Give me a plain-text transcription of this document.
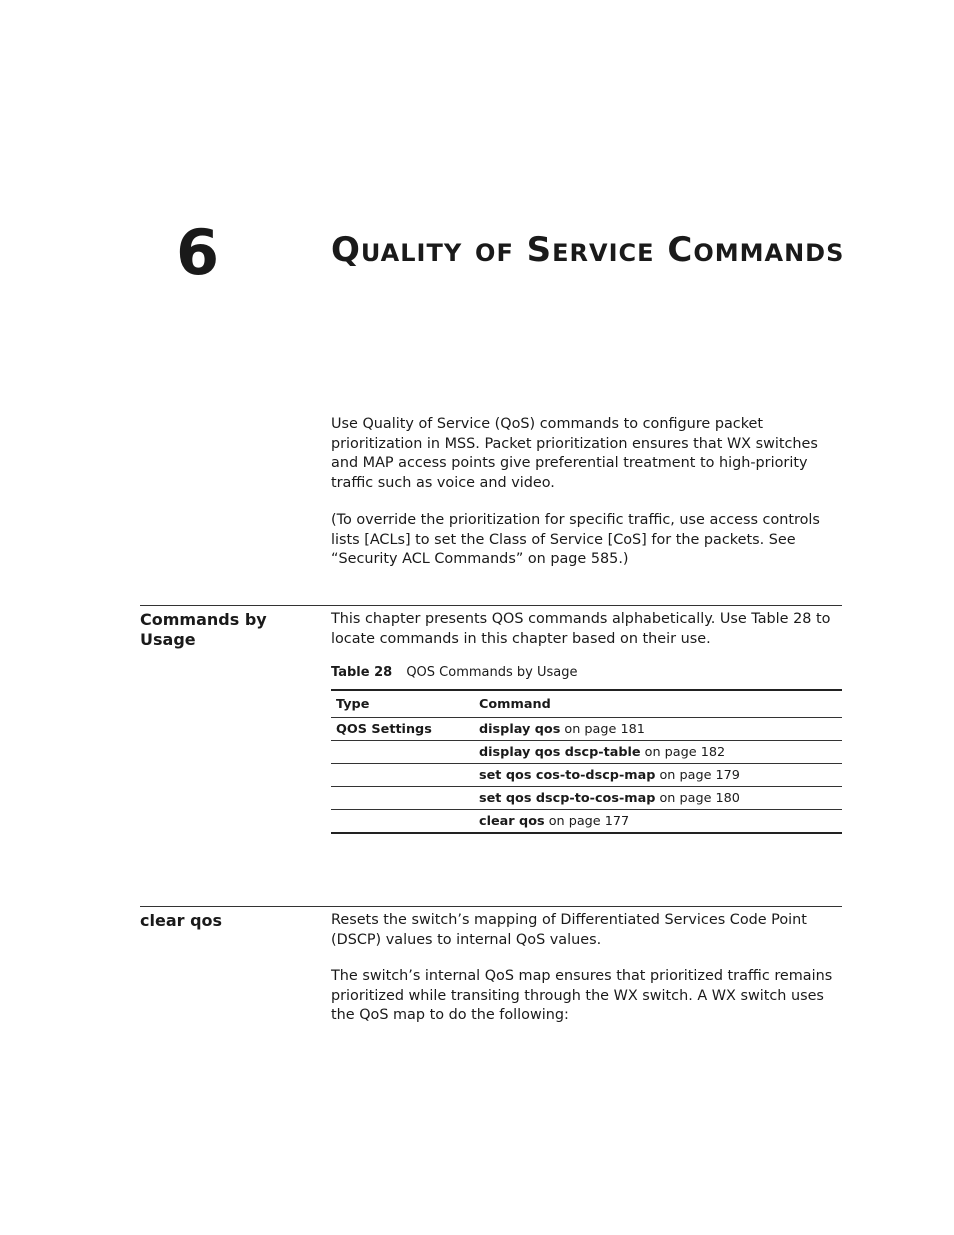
6	Quality of Service Commands

Use Quality of Service (QoS) commands to configure packet prioritization in MSS. Packet prioritization ensures that WX switches and MAP access points give preferential treatment to high-priority traffic such as voice and video.

(To override the prioritization for specific traffic, use access controls lists [ACLs] to set the Class of Service [CoS] for the packets. See “Security ACL Commands” on page 585.)

Commands by Usage

This chapter presents QOS commands alphabetically. Use Table 28 to locate commands in this chapter based on their use.

Table 28 QOS Commands by Usage
Type	Command
QOS Settings	display qos on page 181
	display qos dscp-table on page 182
	set qos cos-to-dscp-map on page 179
	set qos dscp-to-cos-map on page 180
	clear qos on page 177
clear qos	Resets the switch’s mapping of Differentiated Services Code Point (DSCP) values to internal QoS values.

The switch’s internal QoS map ensures that prioritized traffic remains prioritized while transiting through the WX switch. A WX switch uses the QoS map to do the following:
